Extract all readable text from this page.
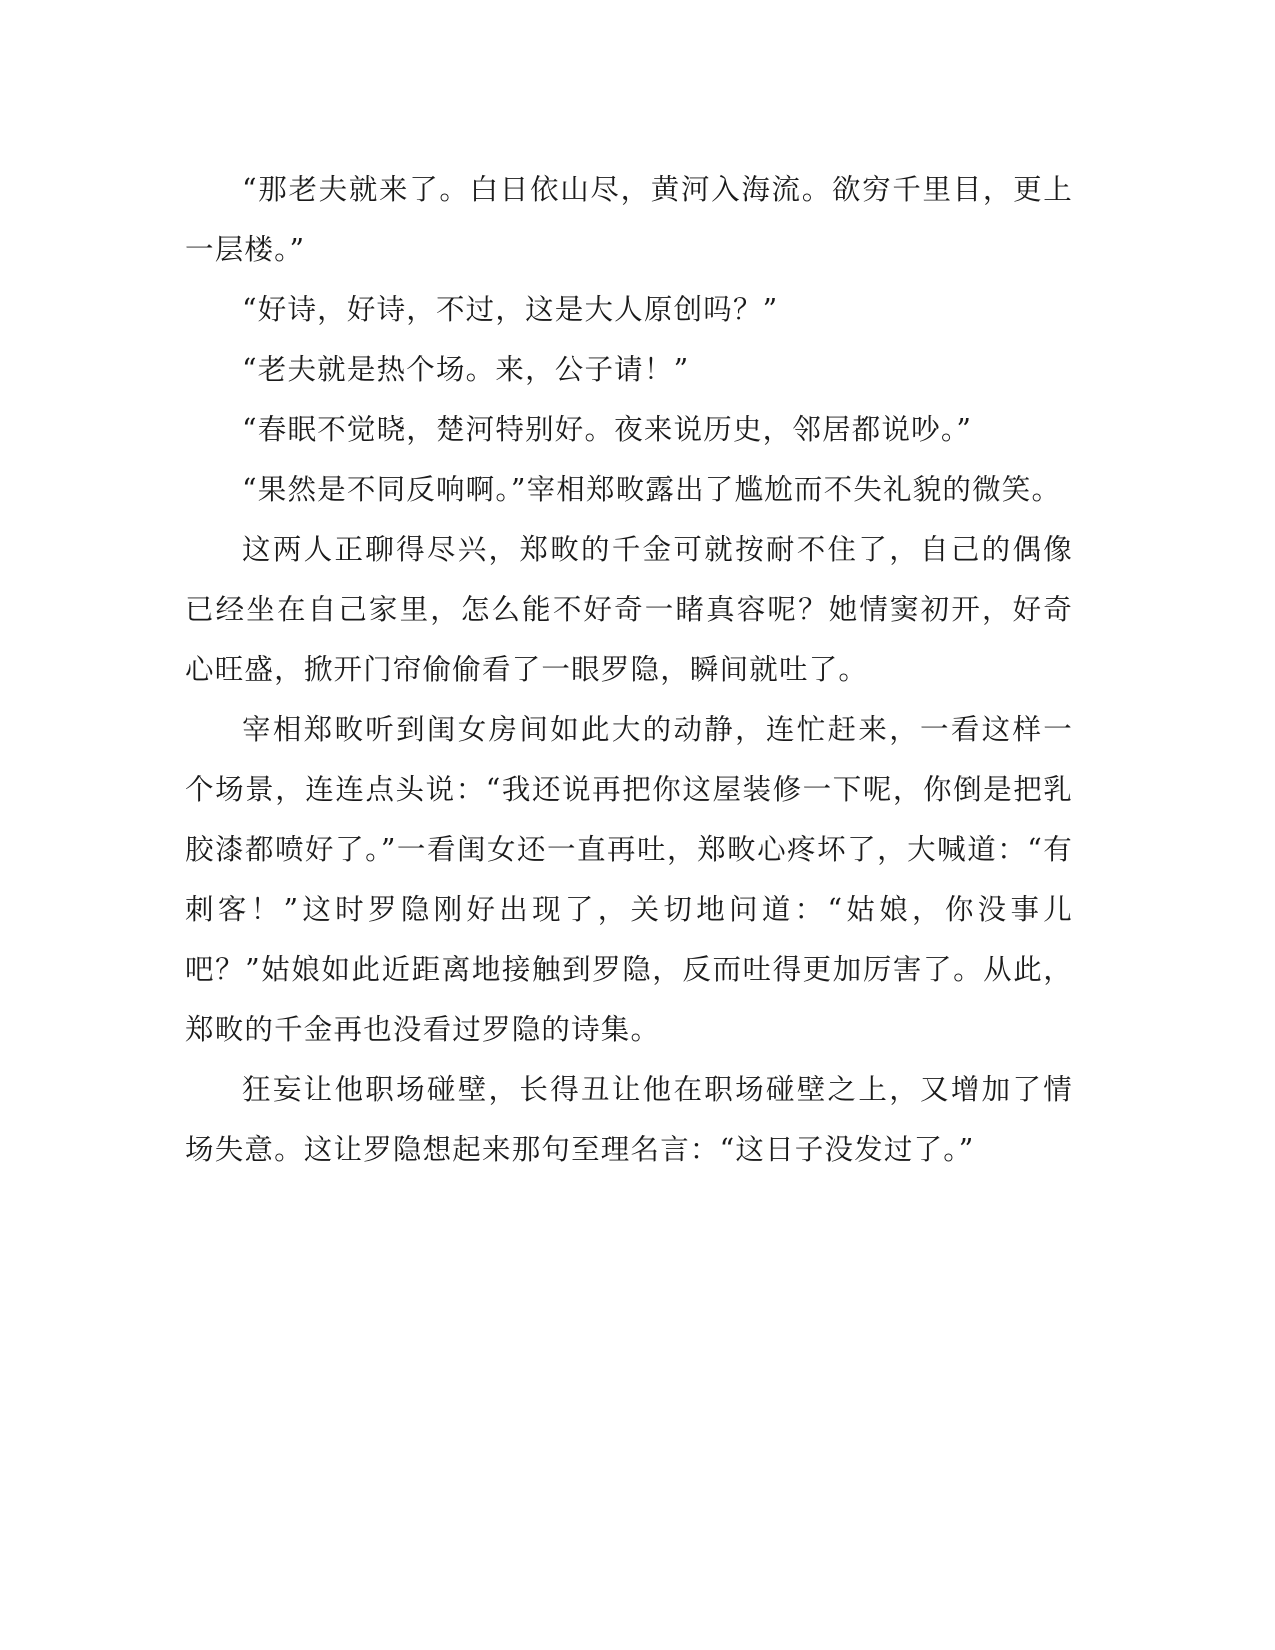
“那老夫就来了。白日依山尽，黄河入海流。欲穷千里目，更上一层楼。”

“好诗，好诗，不过，这是大人原创吗？”

“老夫就是热个场。来，公子请！”

“春眠不觉晓，楚河特别好。夜来说历史，邻居都说吵。”

“果然是不同反响啊。”宰相郑畋露出了尴尬而不失礼貌的微笑。

这两人正聊得尽兴，郑畋的千金可就按耐不住了，自己的偶像已经坐在自己家里，怎么能不好奇一睹真容呢？她情窦初开，好奇心旺盛，掀开门帘偷偷看了一眼罗隐，瞬间就吐了。

宰相郑畋听到闺女房间如此大的动静，连忙赶来，一看这样一个场景，连连点头说：“我还说再把你这屋装修一下呢，你倒是把乳胶漆都喷好了。”一看闺女还一直再吐，郑畋心疼坏了，大喊道：“有刺客！”这时罗隐刚好出现了，关切地问道：“姑娘，你没事儿吧？”姑娘如此近距离地接触到罗隐，反而吐得更加厉害了。从此，郑畋的千金再也没看过罗隐的诗集。

狂妄让他职场碰壁，长得丑让他在职场碰壁之上，又增加了情场失意。这让罗隐想起来那句至理名言：“这日子没发过了。”
